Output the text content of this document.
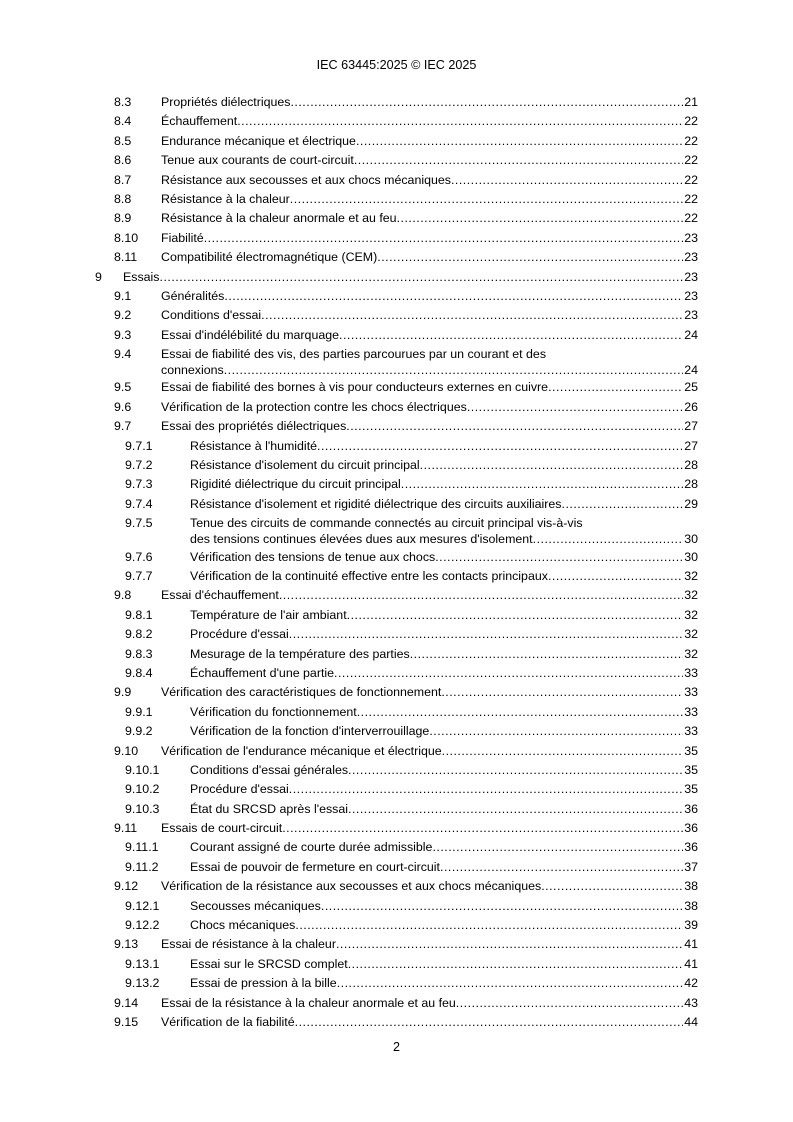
IEC 63445:2025 © IEC 2025
8.3 Propriétés diélectriques .....	21
8.4 Échauffement .....	22
8.5 Endurance mécanique et électrique .....	22
8.6 Tenue aux courants de court-circuit .....	22
8.7 Résistance aux secousses et aux chocs mécaniques .....	22
8.8 Résistance à la chaleur .....	22
8.9 Résistance à la chaleur anormale et au feu .....	22
8.10 Fiabilité .....	23
8.11 Compatibilité électromagnétique (CEM) .....	23
9 Essais .....	23
9.1 Généralités .....	23
9.2 Conditions d'essai .....	23
9.3 Essai d'indélébilité du marquage .....	24
9.4 Essai de fiabilité des vis, des parties parcourues par un courant et des
connexions .....	24
9.5 Essai de fiabilité des bornes à vis pour conducteurs externes en cuivre .....	25
9.6 Vérification de la protection contre les chocs électriques .....	26
9.7 Essai des propriétés diélectriques .....	27
9.7.1	Résistance à l'humidité .....	27
9.7.2	Résistance d'isolement du circuit principal .....	28
9.7.3	Rigidité diélectrique du circuit principal .....	28
9.7.4	Résistance d'isolement et rigidité diélectrique des circuits auxiliaires .....	29
9.7.5	Tenue des circuits de commande connectés au circuit principal vis-à-vis
des tensions continues élevées dues aux mesures d'isolement .....	30
9.7.6	Vérification des tensions de tenue aux chocs .....	30
9.7.7	Vérification de la continuité effective entre les contacts principaux .....	32
9.8 Essai d'échauffement .....	32
9.8.1	Température de l'air ambiant .....	32
9.8.2	Procédure d'essai .....	32
9.8.3	Mesurage de la température des parties .....	32
9.8.4	Échauffement d'une partie .....	33
9.9 Vérification des caractéristiques de fonctionnement .....	33
9.9.1	Vérification du fonctionnement .....	33
9.9.2	Vérification de la fonction d'interverrouillage .....	33
9.10 Vérification de l'endurance mécanique et électrique .....	35
9.10.1 Conditions d'essai générales .....	35
9.10.2 Procédure d'essai .....	35
9.10.3 État du SRCSD après l'essai .....	36
9.11 Essais de court-circuit .....	36
9.11.1	Courant assigné de courte durée admissible .....	36
9.11.2	Essai de pouvoir de fermeture en court-circuit .....	37
9.12 Vérification de la résistance aux secousses et aux chocs mécaniques .....	38
9.12.1 Secousses mécaniques .....	38
9.12.2 Chocs mécaniques .....	39
9.13 Essai de résistance à la chaleur .....	41
9.13.1 Essai sur le SRCSD complet .....	41
9.13.2 Essai de pression à la bille .....	42
9.14 Essai de la résistance à la chaleur anormale et au feu .....	43
9.15 Vérification de la fiabilité .....	44
2
